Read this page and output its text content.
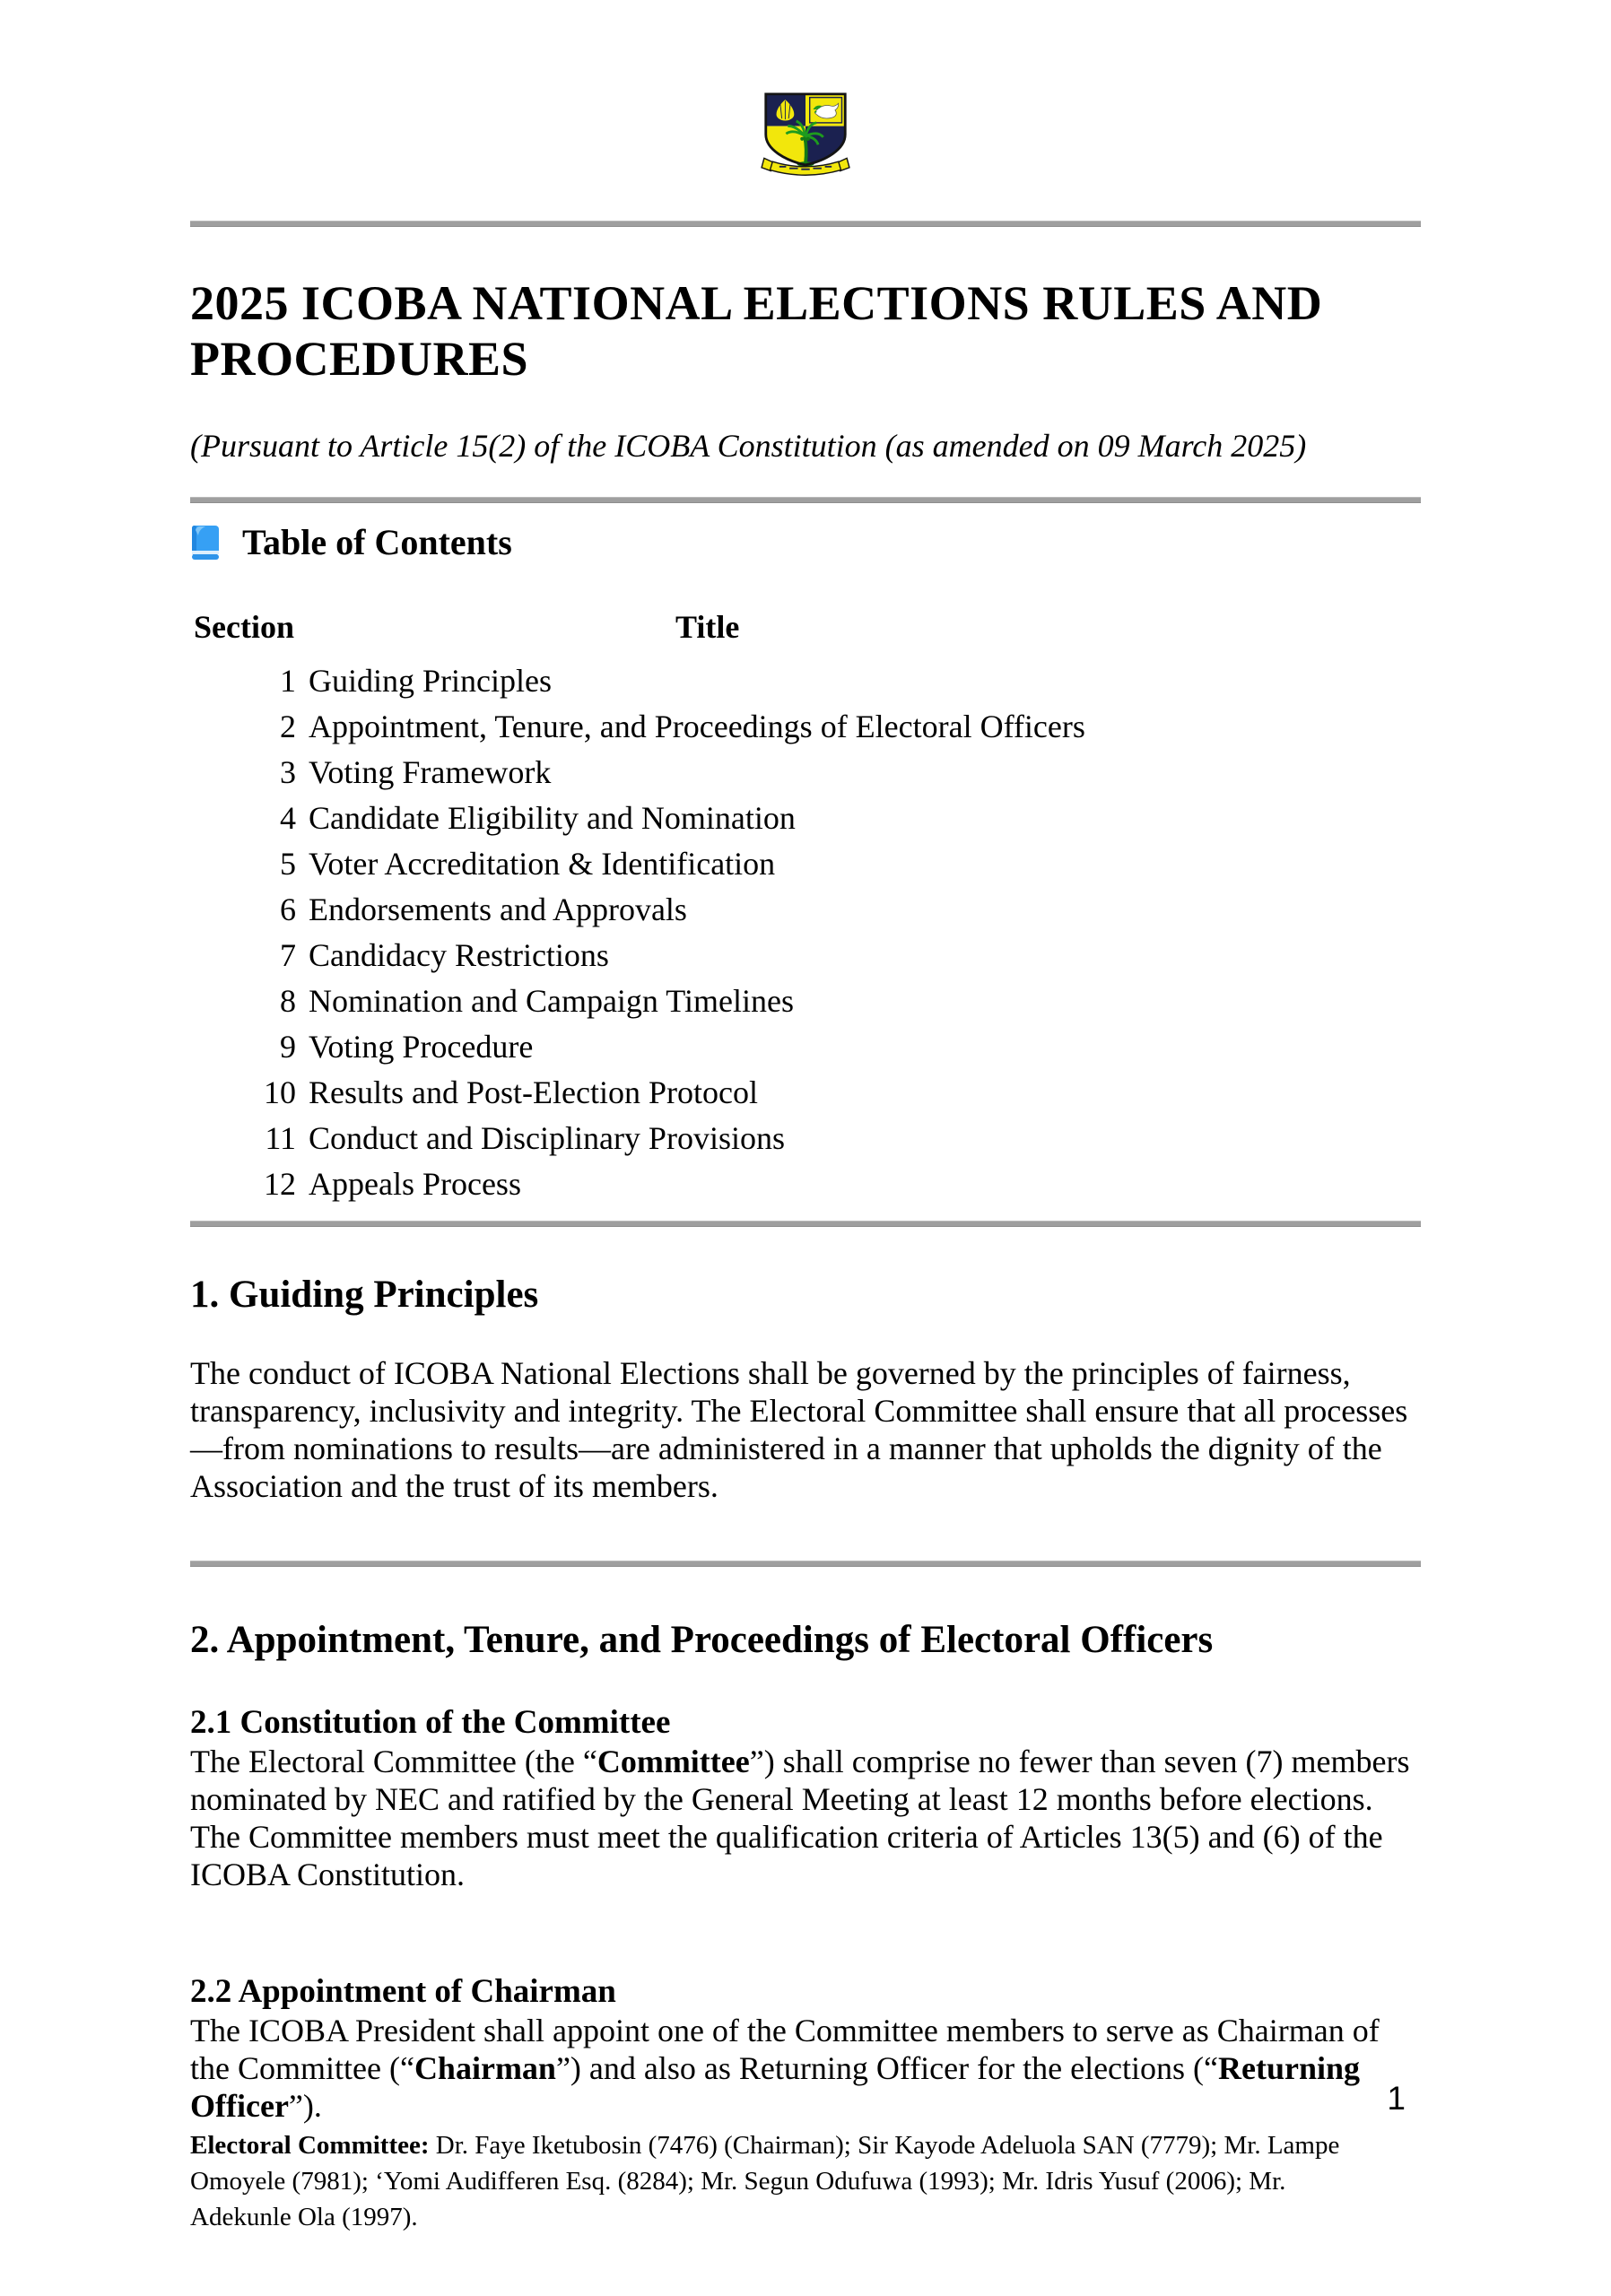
2025 ICOBA NATIONAL ELECTIONS RULES AND PROCEDURES

(Pursuant to Article 15(2) of the ICOBA Constitution (as amended on 09 March 2025)

Table of Contents
Section	Title
1 Guiding Principles
2 Appointment, Tenure, and Proceedings of Electoral Officers
3 Voting Framework
4 Candidate Eligibility and Nomination
5 Voter Accreditation & Identification
6 Endorsements and Approvals
7 Candidacy Restrictions
8 Nomination and Campaign Timelines
9 Voting Procedure
10 Results and Post-Election Protocol
11 Conduct and Disciplinary Provisions
12 Appeals Process
1. Guiding Principles

The conduct of ICOBA National Elections shall be governed by the principles of fairness, transparency, inclusivity and integrity. The Electoral Committee shall ensure that all processes—from nominations to results—are administered in a manner that upholds the dignity of the Association and the trust of its members.

2. Appointment, Tenure, and Proceedings of Electoral Officers
2.1 Constitution of the Committee

The Electoral Committee (the “Committee”) shall comprise no fewer than seven (7) members nominated by NEC and ratified by the General Meeting at least 12 months before elections. The Committee members must meet the qualification criteria of Articles 13(5) and (6) of the ICOBA Constitution.

2.2 Appointment of Chairman

The ICOBA President shall appoint one of the Committee members to serve as Chairman of the Committee (“Chairman”) and also as Returning Officer for the elections (“Returning Officer”).	1
Electoral Committee: Dr. Faye Iketubosin (7476) (Chairman); Sir Kayode Adeluola SAN (7779); Mr. Lampe Omoyele (7981); ‘Yomi Audifferen Esq. (8284); Mr. Segun Odufuwa (1993); Mr. Idris Yusuf (2006); Mr. Adekunle Ola (1997).
